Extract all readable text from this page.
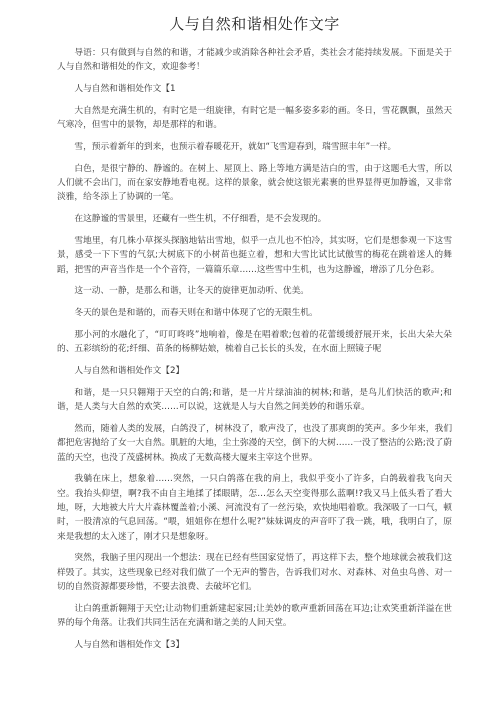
人与自然和谐相处作文字

导语：只有做到与自然的和谐，才能减少或消除各种社会矛盾，类社会才能持续发展。下面是关于人与自然和谐相处的作文，欢迎参考！

人与自然和谐相处作文【1

大自然是充满生机的，有时它是一组旋律，有时它是一幅多姿多彩的画。冬日，雪花飘飘，虽然天气寒冷，但雪中的景物，却是那样的和谐。

雪，预示着新年的到来，也预示着春暖花开，就如“飞雪迎春到，瑞雪照丰年”一样。

白色，是很宁静的、静谧的。在树上、屋顶上、路上等地方满是洁白的雪，由于这题毛大雪，所以人们就不会出门，而在家安静地看电视。这样的景象，就会使这银光素裹的世界显得更加静谧，又非常淡雅，给冬添上了协调的一笔。

在这静谧的雪景里，还藏有一些生机，不仔细看，是不会发现的。

雪地里，有几株小草探头探脑地钻出雪地，似乎一点儿也不怕冷，其实呀，它们是想参观一下这雪景，感受一下下雪的气氛;大树底下的小树苗也挺立着，想和大雪比试比试傲雪的梅花在跳着迷人的舞蹈，把雪的声音当作是一个个音符，一篇篇乐章……这些雪中生机，也为这静谧，增添了几分色彩。

这一动、一静，是那么和谐，让冬天的旋律更加动听、优美。

冬天的景色是和谐的，而春天则在和谐中体现了它的无限生机。

那小河的水融化了，“叮叮咚咚”地响着，像是在唱着歌;包着的花蕾缓缓舒展开来，长出大朵大朵的、五彩缤纷的花;纤细、苗条的杨柳姑娘，梳着自己长长的头发，在水面上照镜子呢

人与自然和谐相处作文【2】

和谐，是一只只翱翔于天空的白鸽;和谐，是一片片绿油油的树林;和谐，是鸟儿们快活的歌声;和谐，是人类与大自然的欢笑……可以说，这就是人与大自然之间美妙的和谐乐章。

然而，随着人类的发展，白鸽没了，树林没了，歌声没了，也没了那爽朗的笑声。多少年来，我们都把危害抛给了女一大自然。肌脏的大地，尘土弥漫的天空，倒下的大树……一没了整洁的公路;没了蔚蓝的天空，也没了茂盛树林。换成了无数高楼大厦来主宰这个世界。

我躺在床上，想象着……突然，一只白鸽落在我的肩上，我似乎变小了许多，白鸽载着我飞向天空。我抬头仰望，啊?我不由自主地揉了揉眼睛，怎…怎么天空变得那么蓝啊!?我又马上低头看了看大地，呀，大地被大片大片森林覆盖着;小溪、河流没有了一丝污染，欢快地唱着歌。我深吸了一口气，顿时，一股清凉的气息回荡。“喂，姐姐你在想什么呢?”妹妹调皮的声音吓了我一跳，哦，我明白了，原来是我想的太入迷了，刚才只是想象呀。

突然，我脑子里闪现出一个想法：现在已经有些国家觉悟了，再这样下去，整个地球就会被我们这样毁了。其实，这些现象已经对我们做了一个无声的警告，告诉我们对水、对森林、对鱼虫鸟兽、对一切的自然资源都要珍惜，不要去浪费、去破坏它们。

让白鸽重新翱翔于天空;让动物们重新建起家园;让美妙的歌声重新回荡在耳边;让欢笑重新洋溢在世界的每个角落。让我们共同生活在充满和谐之美的人间天堂。

人与自然和谐相处作文【3】
